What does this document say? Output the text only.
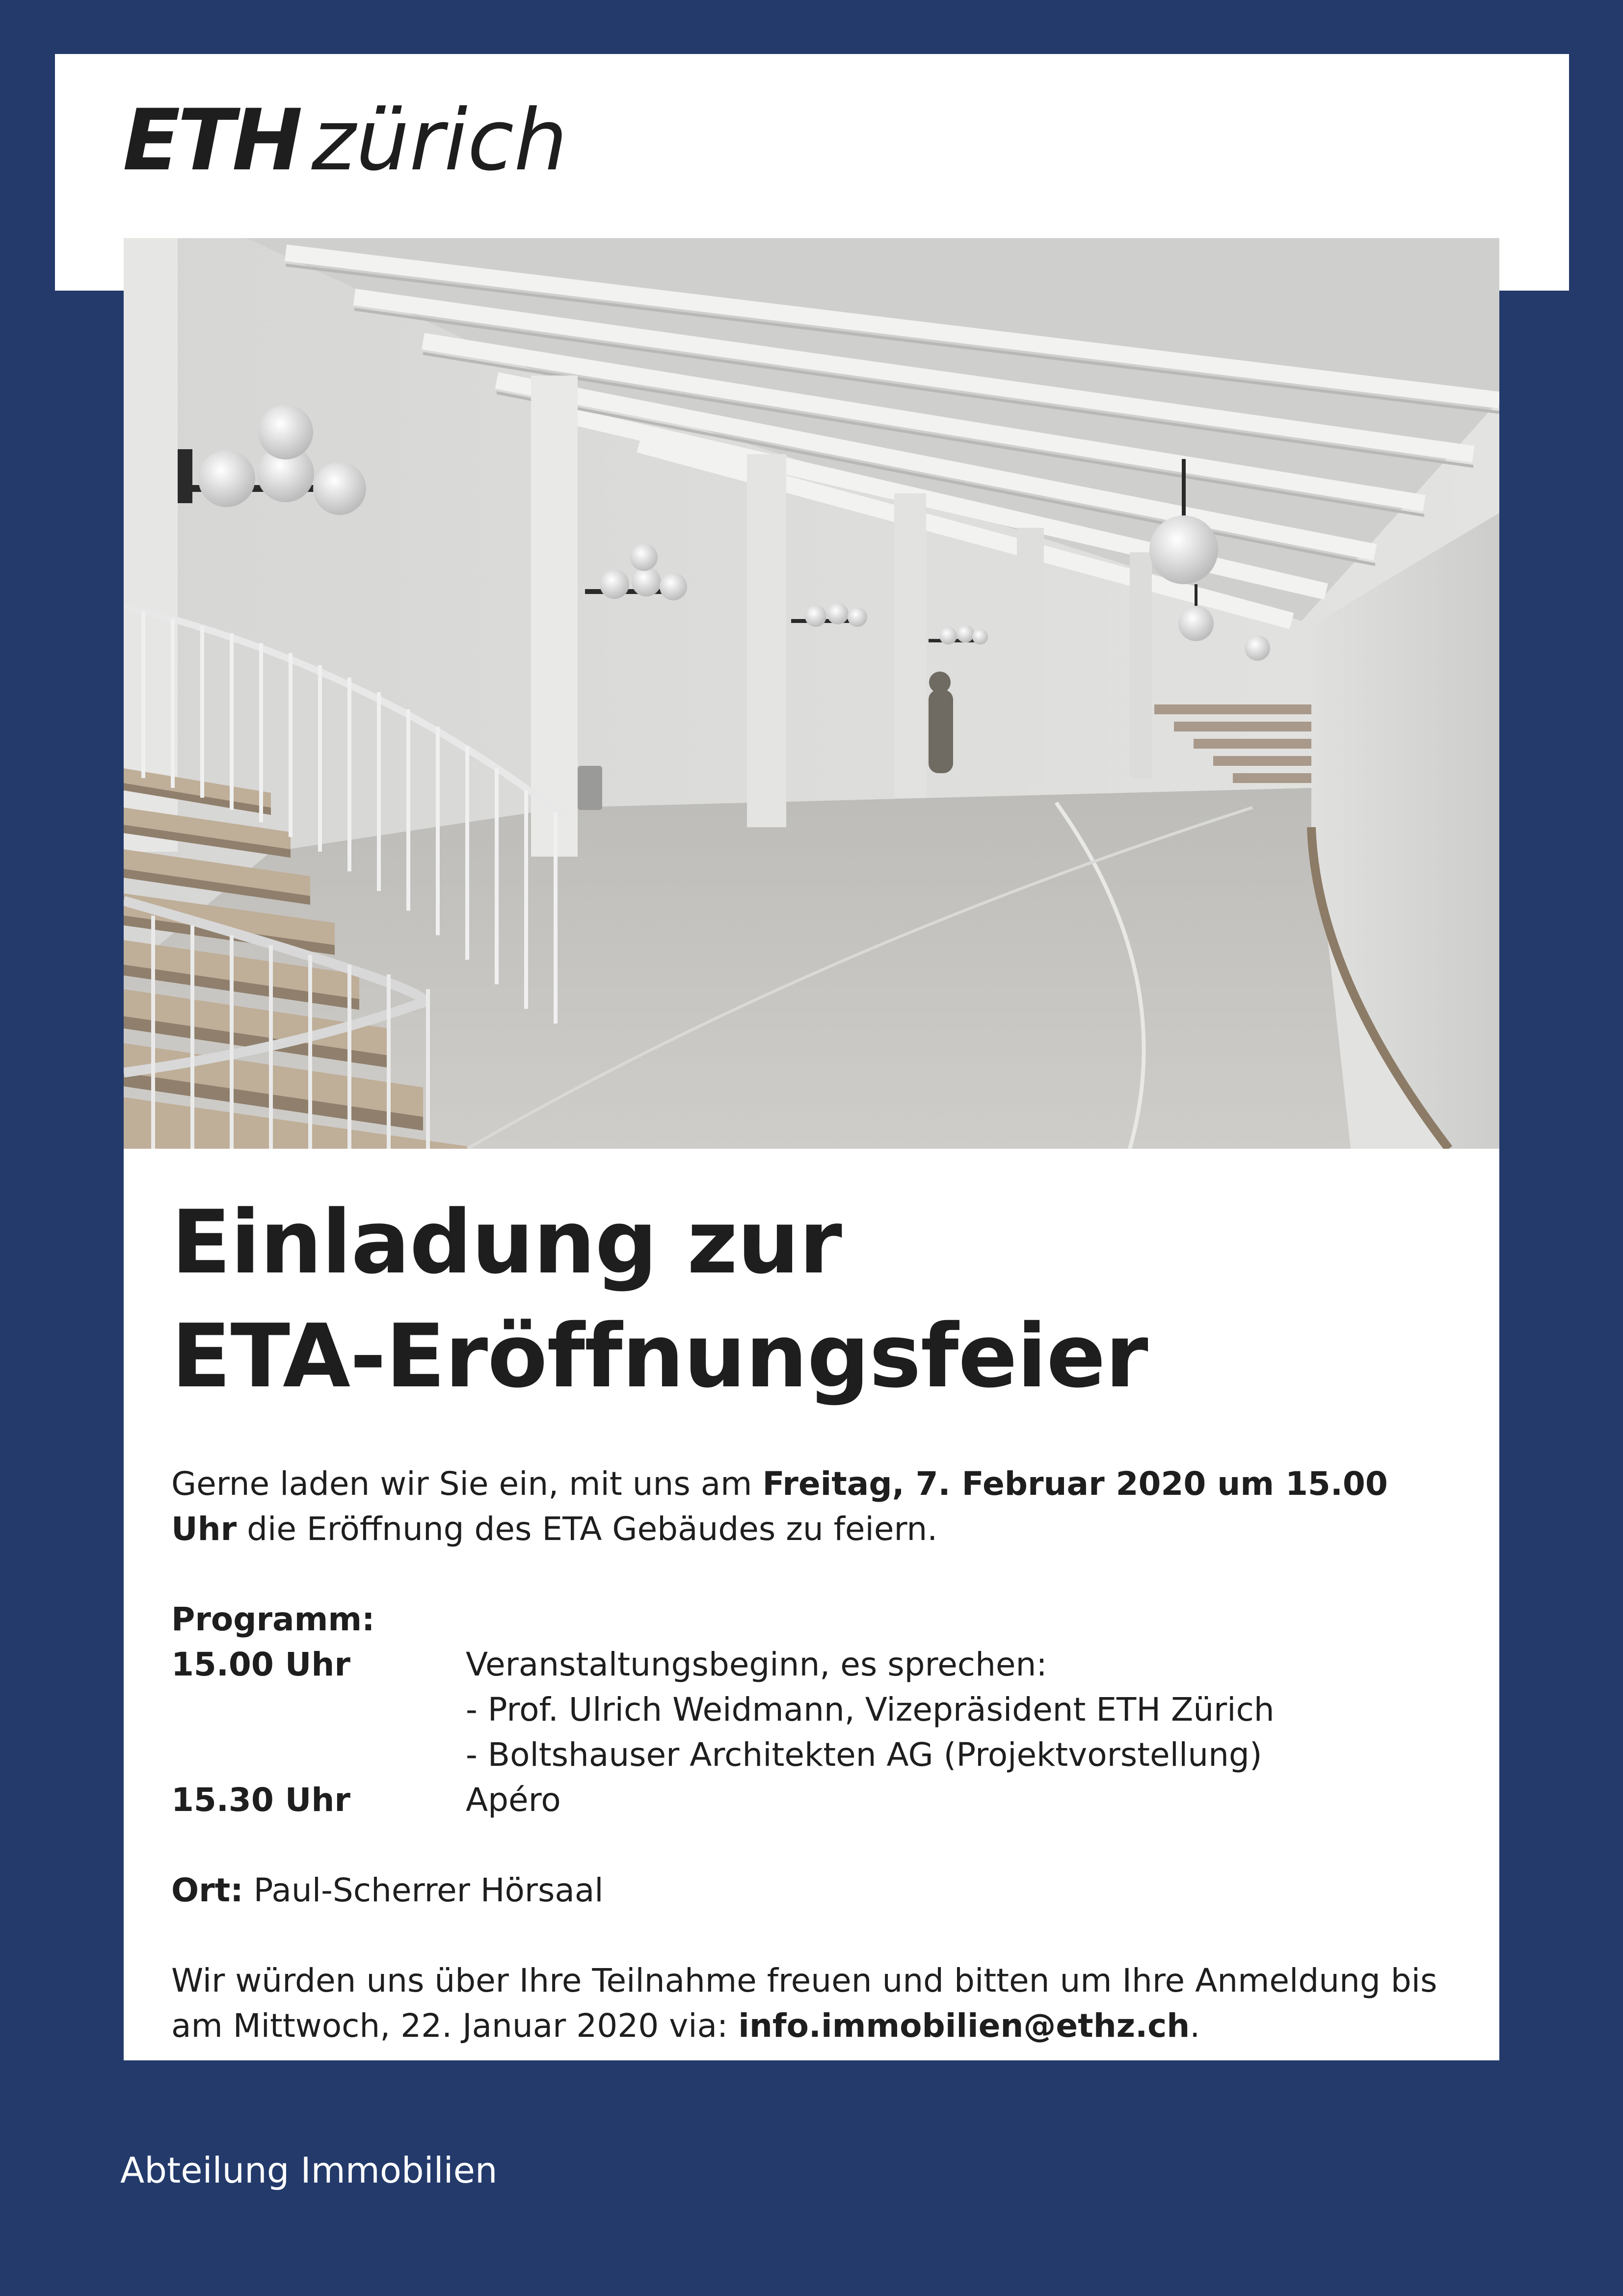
ETH zürich
Einladung zur
ETA-Eröffnungsfeier
Gerne laden wir Sie ein, mit uns am Freitag, 7. Februar 2020 um 15.00 Uhr die Eröffnung des ETA Gebäudes zu feiern.
Programm:
15.00 Uhr	Veranstaltungsbeginn, es sprechen:
- Prof. Ulrich Weidmann, Vizepräsident ETH Zürich
- Boltshauser Architekten AG (Projektvorstellung)
15.30 Uhr	Apéro
Ort: Paul-Scherrer Hörsaal
Wir würden uns über Ihre Teilnahme freuen und bitten um Ihre Anmeldung bis am Mittwoch, 22. Januar 2020 via: info.immobilien@ethz.ch.
Abteilung Immobilien
